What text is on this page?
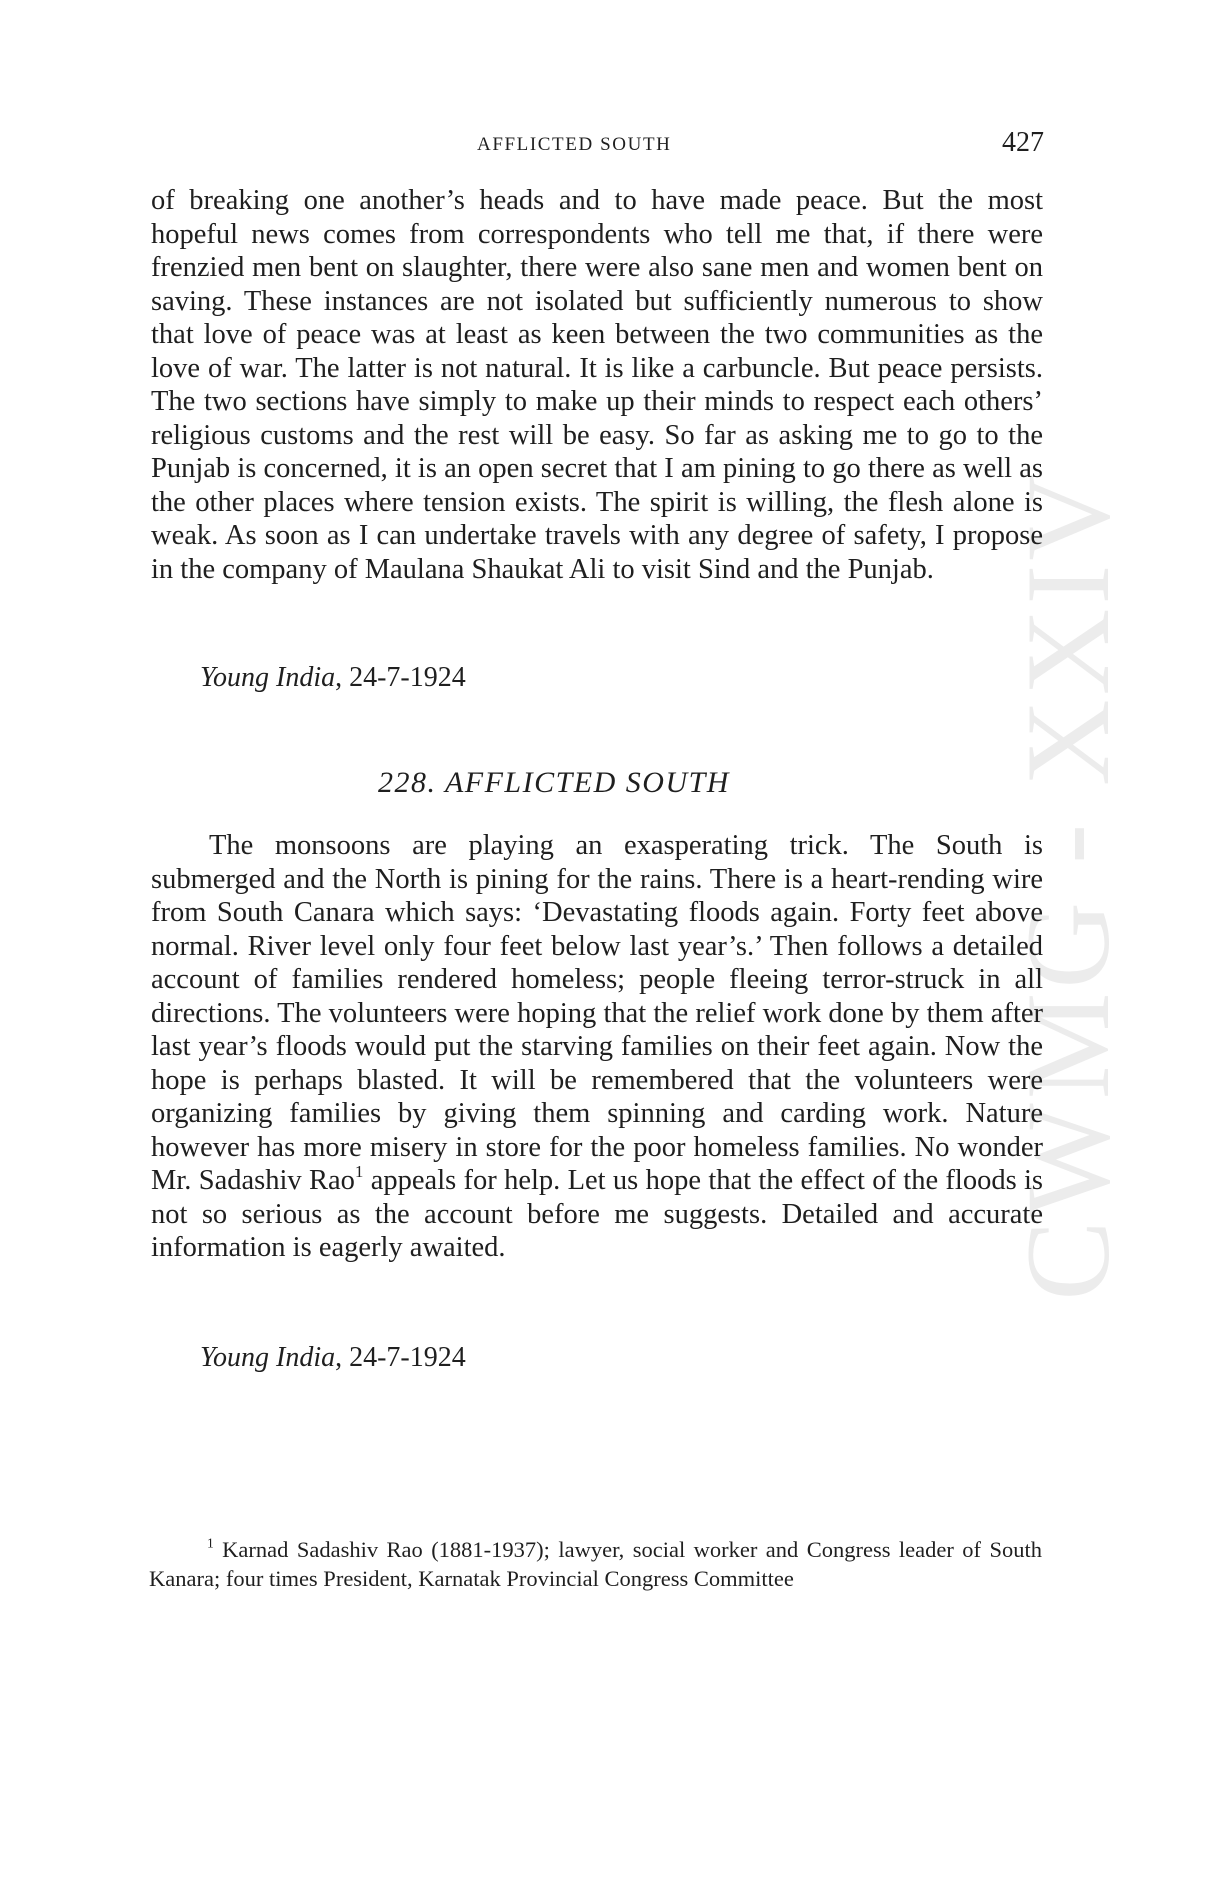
CWMG - XXIV
AFFLICTED SOUTH	427

of breaking one another’s heads and to have made peace. But the most hopeful news comes from correspondents who tell me that, if there were frenzied men bent on slaughter, there were also sane men and women bent on saving. These instances are not isolated but sufficiently numerous to show that love of peace was at least as keen between the two communities as the love of war. The latter is not natural. It is like a carbuncle. But peace persists. The two sections have simply to make up their minds to respect each others’ religious customs and the rest will be easy. So far as asking me to go to the Punjab is concerned, it is an open secret that I am pining to go there as well as the other places where tension exists. The spirit is willing, the flesh alone is weak. As soon as I can undertake travels with any degree of safety, I propose in the company of Maulana Shaukat Ali to visit Sind and the Punjab.

Young India, 24-7-1924
228. AFFLICTED SOUTH

The monsoons are playing an exasperating trick. The South is submerged and the North is pining for the rains. There is a heart-rending wire from South Canara which says: ‘Devastating floods again. Forty feet above normal. River level only four feet below last year’s.’ Then follows a detailed account of families rendered homeless; people fleeing terror-struck in all directions. The volunteers were hoping that the relief work done by them after last year’s floods would put the starving families on their feet again. Now the hope is perhaps blasted. It will be remembered that the volunteers were organizing families by giving them spinning and carding work. Nature however has more misery in store for the poor homeless families. No wonder Mr. Sadashiv Rao$^1$ appeals for help. Let us hope that the effect of the floods is not so serious as the account before me suggests. Detailed and accurate information is eagerly awaited.

Young India, 24-7-1924

$^1$ Karnad Sadashiv Rao (1881-1937); lawyer, social worker and Congress leader of South Kanara; four times President, Karnatak Provincial Congress Committee
